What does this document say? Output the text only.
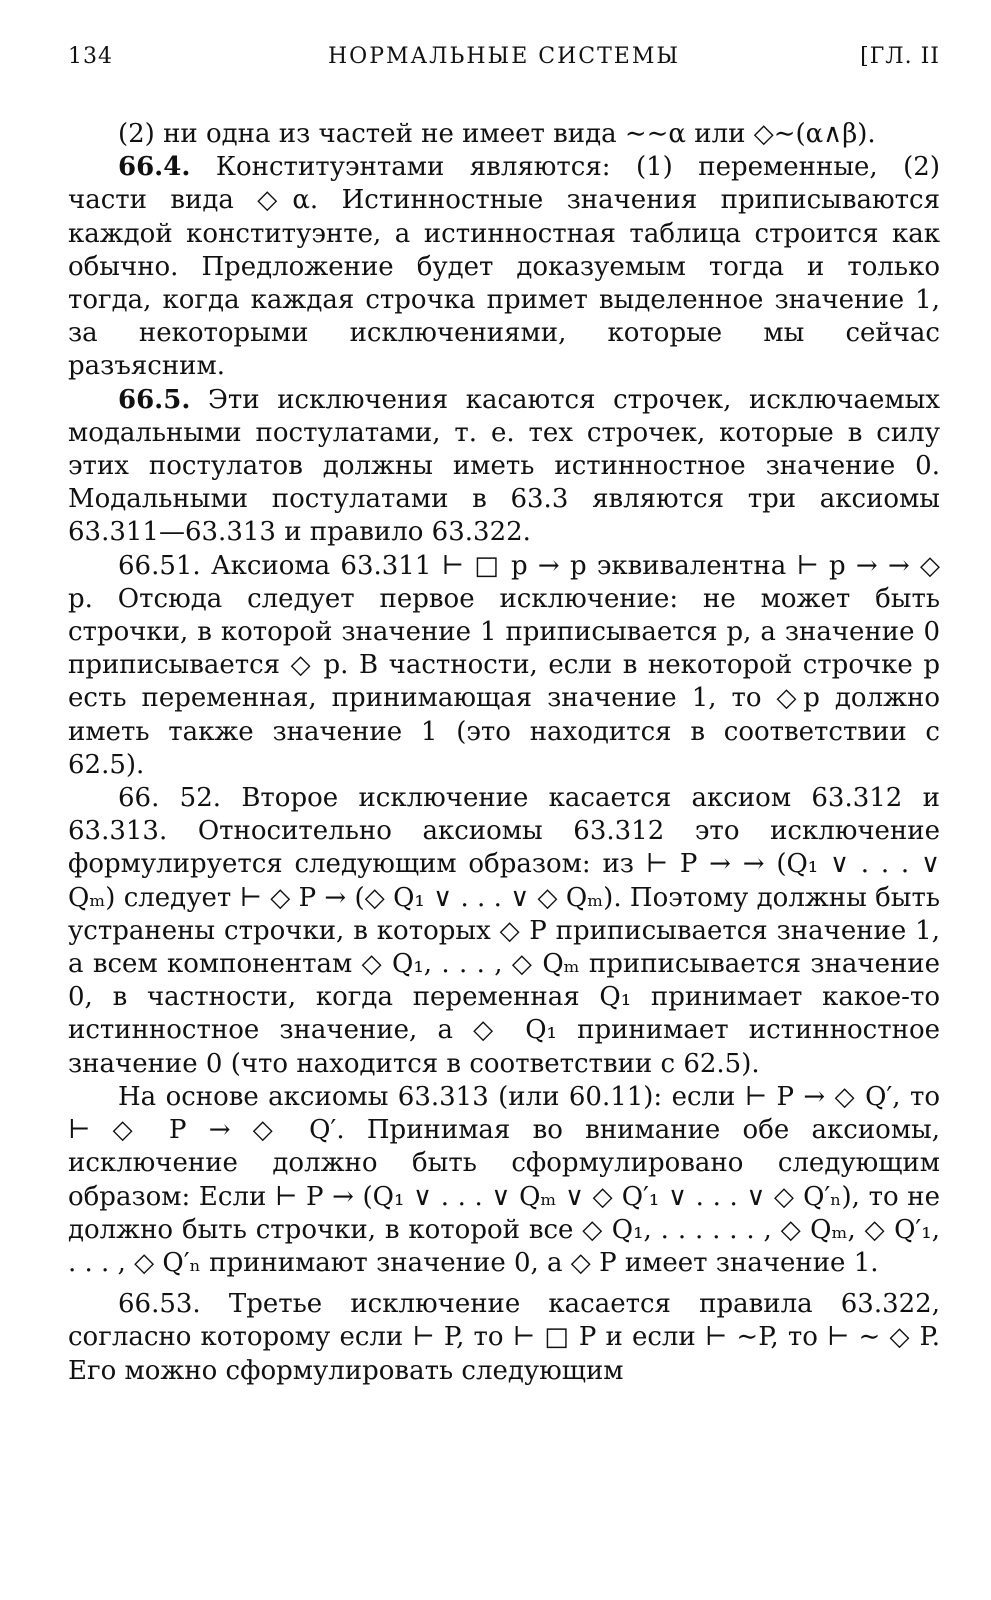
134	НОРМАЛЬНЫЕ СИСТЕМЫ	[ГЛ. II

(2) ни одна из частей не имеет вида ∼∼α или ◇∼(α∧β).

66.4. Конституэнтами являются: (1) переменные, (2) части вида ◇α. Истинностные значения приписываются каждой конституэнте, а истинностная таблица строится как обычно. Предложение будет доказуемым тогда и только тогда, когда каждая строчка примет выделенное значение 1, за некоторыми исключениями, которые мы сейчас разъясним.

66.5. Эти исключения касаются строчек, исключаемых модальными постулатами, т. е. тех строчек, которые в силу этих постулатов должны иметь истинностное значение 0. Модальными постулатами в 63.3 являются три аксиомы 63.311—63.313 и правило 63.322.

66.51. Аксиома 63.311 ⊢ □ p → p эквивалентна ⊢ p → → ◇ p. Отсюда следует первое исключение: не может быть строчки, в которой значение 1 приписывается p, а значение 0 приписывается ◇ p. В частности, если в некоторой строчке p есть переменная, принимающая значение 1, то ◇p должно иметь также значение 1 (это находится в соответствии с 62.5).

66. 52. Второе исключение касается аксиом 63.312 и 63.313. Относительно аксиомы 63.312 это исключение формулируется следующим образом: из ⊢ P → → (Q₁ ∨ . . . ∨ Qₘ) следует ⊢ ◇ P → (◇ Q₁ ∨ . . . ∨ ◇ Qₘ). Поэтому должны быть устранены строчки, в которых ◇ P приписывается значение 1, а всем компонентам ◇ Q₁, . . . , ◇ Qₘ приписывается значение 0, в частности, когда переменная Q₁ принимает какое-то истинностное значение, а ◇ Q₁ принимает истинностное значение 0 (что находится в соответствии с 62.5).

На основе аксиомы 63.313 (или 60.11): если ⊢ P → ◇ Q′, то ⊢ ◇ P → ◇ Q′. Принимая во внимание обе аксиомы, исключение должно быть сформулировано следующим образом: Если ⊢ P → (Q₁ ∨ . . . ∨ Qₘ ∨ ◇ Q′₁ ∨ . . . ∨ ◇ Q′ₙ), то не должно быть строчки, в которой все ◇ Q₁, . . . . . . , ◇ Qₘ, ◇ Q′₁, . . . , ◇ Q′ₙ принимают значение 0, а ◇ P имеет значение 1.

66.53. Третье исключение касается правила 63.322, согласно которому если ⊢ P, то ⊢ □ P и если ⊢ ∼P, то ⊢ ∼ ◇ P. Его можно сформулировать следующим
